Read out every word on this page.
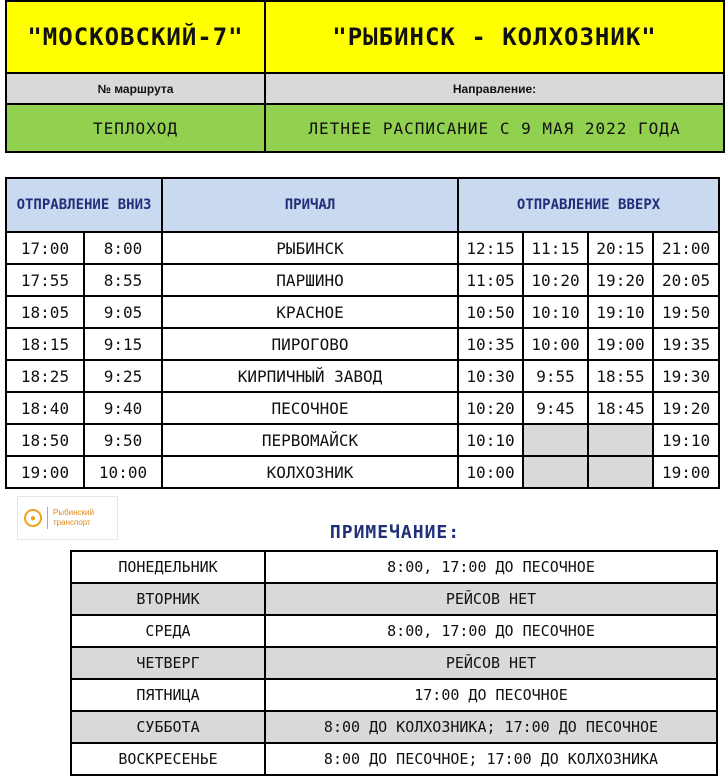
"МОСКОВСКИЙ-7"	"РЫБИНСК - КОЛХОЗНИК"
№ маршрута	Направление:
ТЕПЛОХОД	ЛЕТНЕЕ РАСПИСАНИЕ С 9 МАЯ 2022 ГОДА
ОТПРАВЛЕНИЕ ВНИЗ		ПРИЧАЛ	ОТПРАВЛЕНИЕ ВВЕРХ			
17:00	8:00	РЫБИНСК	12:15	11:15	20:15	21:00
17:55	8:55	ПАРШИНО	11:05	10:20	19:20	20:05
18:05	9:05	КРАСНОЕ	10:50	10:10	19:10	19:50
18:15	9:15	ПИРОГОВО	10:35	10:00	19:00	19:35
18:25	9:25	КИРПИЧНЫЙ ЗАВОД	10:30	9:55	18:55	19:30
18:40	9:40	ПЕСОЧНОЕ	10:20	9:45	18:45	19:20
18:50	9:50	ПЕРВОМАЙСК	10:10			19:10
19:00	10:00	КОЛХОЗНИК	10:00			19:00
●	Рыбинский
транспорт	ПРИМЕЧАНИЕ:
ПОНЕДЕЛЬНИК	8:00, 17:00 ДО ПЕСОЧНОЕ
ВТОРНИК	РЕЙСОВ НЕТ
СРЕДА	8:00, 17:00 ДО ПЕСОЧНОЕ
ЧЕТВЕРГ	РЕЙСОВ НЕТ
ПЯТНИЦА	17:00 ДО ПЕСОЧНОЕ
СУББОТА	8:00 ДО КОЛХОЗНИКА; 17:00 ДО ПЕСОЧНОЕ
ВОСКРЕСЕНЬЕ	8:00 ДО ПЕСОЧНОЕ; 17:00 ДО КОЛХОЗНИКА
